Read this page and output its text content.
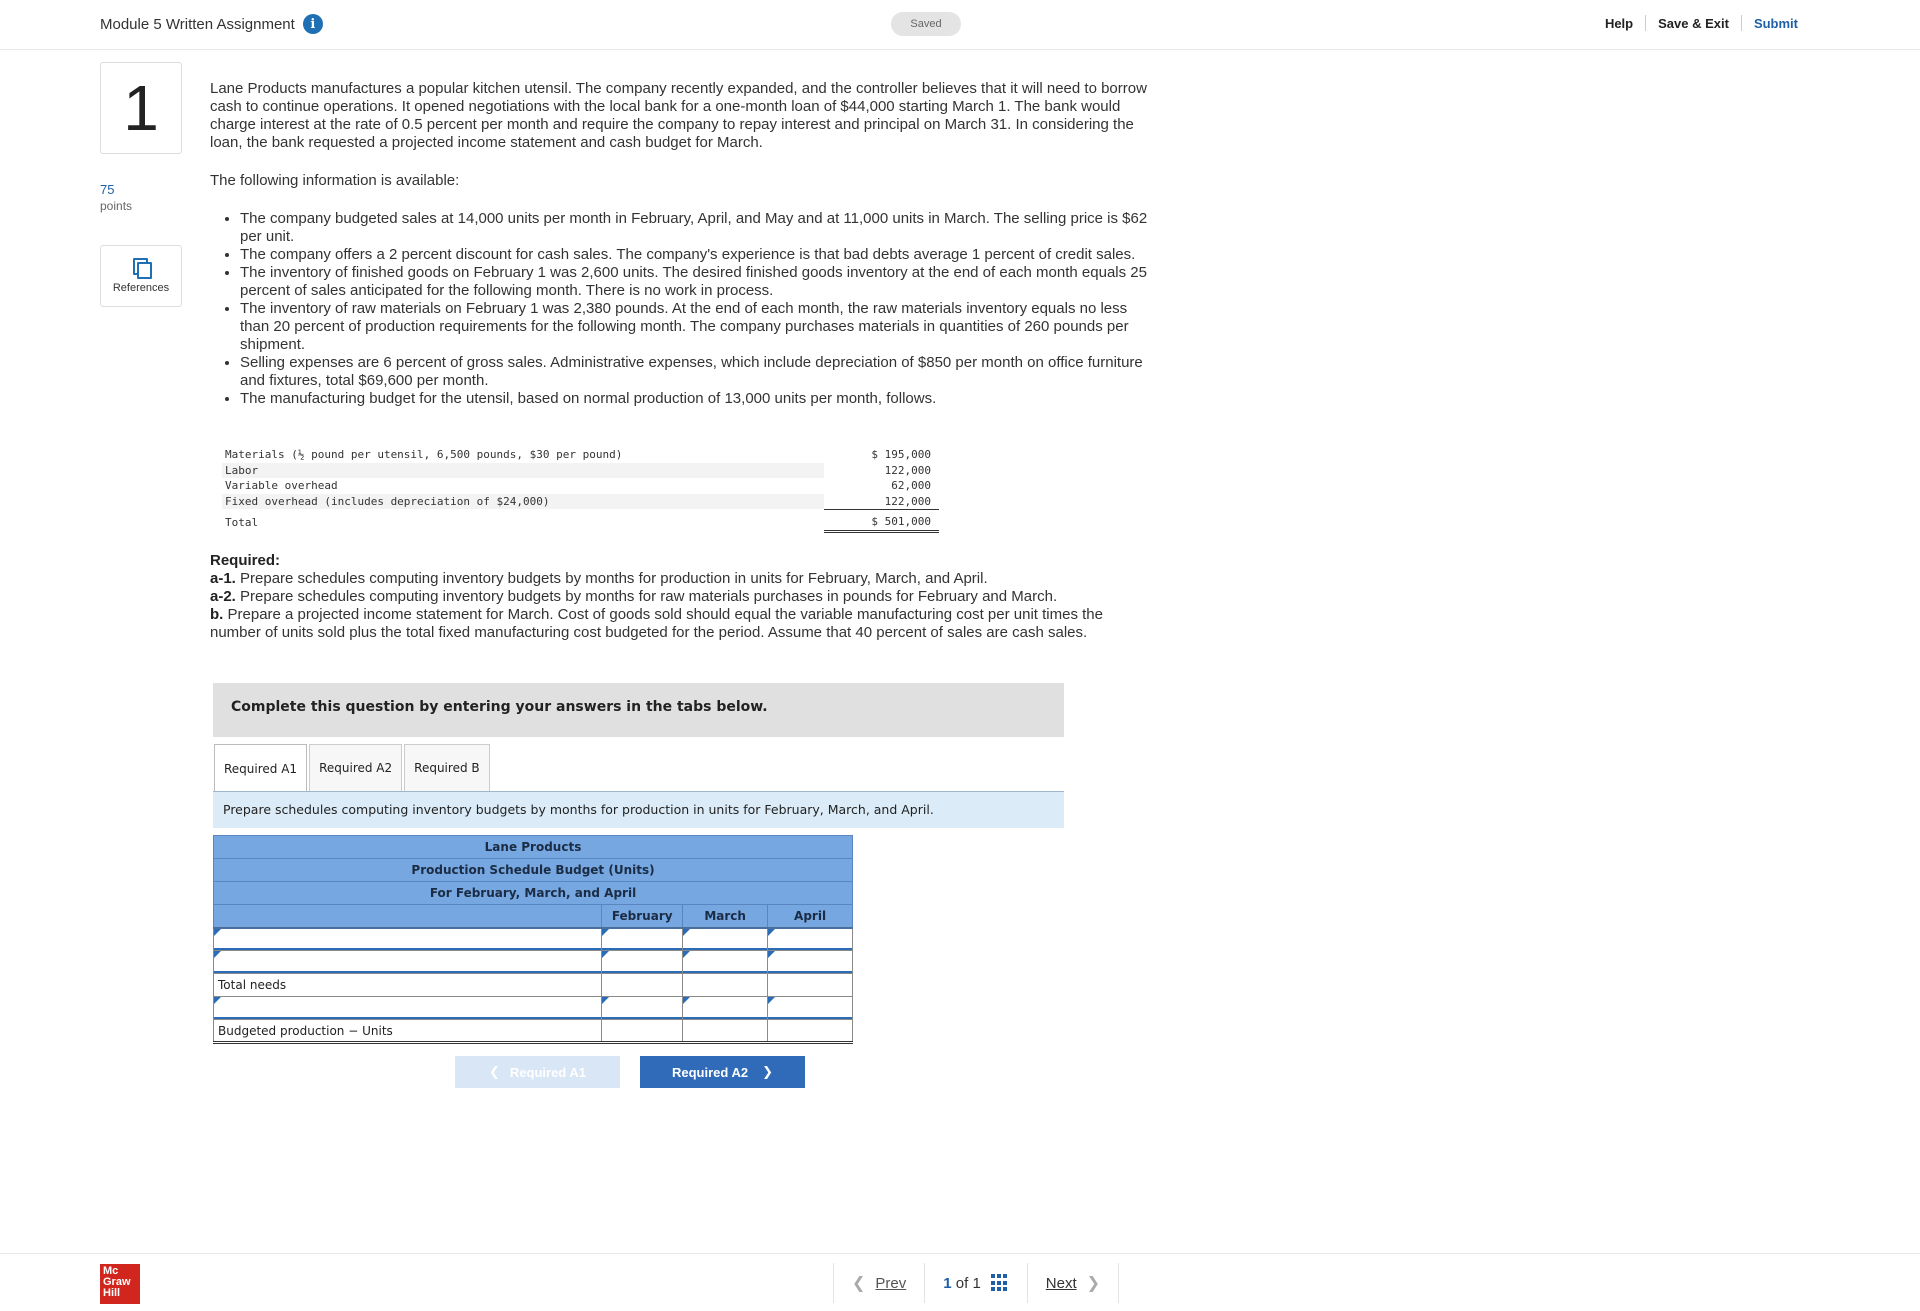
Module 5 Written Assignment	i	Saved	Help	Save & Exit	Submit
1
75
points
References

Lane Products manufactures a popular kitchen utensil. The company recently expanded, and the controller believes that it will need to borrow cash to continue operations. It opened negotiations with the local bank for a one-month loan of $44,000 starting March 1. The bank would charge interest at the rate of 0.5 percent per month and require the company to repay interest and principal on March 31. In considering the loan, the bank requested a projected income statement and cash budget for March.

The following information is available:

• The company budgeted sales at 14,000 units per month in February, April, and May and at 11,000 units in March. The selling price is $62 per unit.
• The company offers a 2 percent discount for cash sales. The company's experience is that bad debts average 1 percent of credit sales.
• The inventory of finished goods on February 1 was 2,600 units. The desired finished goods inventory at the end of each month equals 25 percent of sales anticipated for the following month. There is no work in process.
• The inventory of raw materials on February 1 was 2,380 pounds. At the end of each month, the raw materials inventory equals no less than 20 percent of production requirements for the following month. The company purchases materials in quantities of 260 pounds per shipment.
• Selling expenses are 6 percent of gross sales. Administrative expenses, which include depreciation of $850 per month on office furniture and fixtures, total $69,600 per month.
• The manufacturing budget for the utensil, based on normal production of 13,000 units per month, follows.
Materials (½ pound per utensil, 6,500 pounds, $30 per pound)		$ 195,000
Labor		122,000
Variable overhead		62,000
Fixed overhead (includes depreciation of $24,000)		122,000
Total		$ 501,000

Required:

a-1. Prepare schedules computing inventory budgets by months for production in units for February, March, and April.

a-2. Prepare schedules computing inventory budgets by months for raw materials purchases in pounds for February and March.

b. Prepare a projected income statement for March. Cost of goods sold should equal the variable manufacturing cost per unit times the number of units sold plus the total fixed manufacturing cost budgeted for the period. Assume that 40 percent of sales are cash sales.

Complete this question by entering your answers in the tabs below.
Required A1	Required A2	Required B
Prepare schedules computing inventory budgets by months for production in units for February, March, and April.
Lane Products			
Production Schedule Budget (Units)			
For February, March, and April			
	February	March	April

Total needs			

Budgeted production − Units			
❮ Required A1	Required A2 ❯
Mc
Graw
Hill
❮ Prev 1 of 1	Next ❯
